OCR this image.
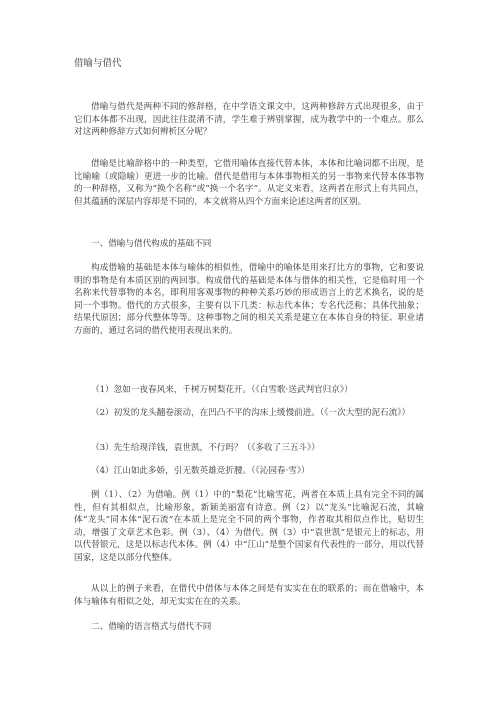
借喻与借代

借喻与借代是两种不同的修辞格，在中学语文课文中，这两种修辞方式出现很多，由于它们本体都不出现，因此往往混淆不清，学生难于辨别掌握，成为教学中的一个难点。那么对这两种修辞方式如何辨析区分呢？

借喻是比喻辞格中的一种类型，它借用喻体直接代替本体，本体和比喻词都不出现，是比喻喻（或隐喻）更进一步的比喻。借代是借用与本体事物相关的另一事物来代替本体事物的一种辞格，又称为“换个名称”或“换一个名字”。从定义来看，这两者在形式上有共同点，但其蕴涵的深层内容却是不同的，本文就将从四个方面来论述这两者的区别。

一、借喻与借代构成的基础不同

构成借喻的基础是本体与喻体的相似性，借喻中的喻体是用来打比方的事物，它和要说明的事物是有本质区别的两回事。构成借代的基础是本体与借体的相关性，它是临时用一个名称来代替事物的本名，即利用客观事物的种种关系巧妙的形成语言上的艺术换名，说的是同一个事物。借代的方式很多，主要有以下几类：标志代本体；专名代泛称；具体代抽象；结果代原因；部分代整体等等。这种事物之间的相关关系是建立在本体自身的特征、职业诸方面的，通过名词的借代使用表现出来的。

（1）忽如一夜春风来，千树万树梨花开。（《白雪歌·送武判官归京》）

（2）初发的龙头翻卷滚动，在凹凸不平的沟床上缓慢前进。（《一次大型的泥石流》）

（3）先生给现洋钱，袁世凯，不行吗？（《多收了三五斗》）

（4）江山如此多娇，引无数英雄竞折腰。（《沁园春·雪》）

例（1）、（2）为借喻。例（1）中的“梨花”比喻雪花，两者在本质上具有完全不同的属性，但有其相似点，比喻形象，新颖美丽富有诗意。例（2）以“龙头”比喻泥石流，其喻体“龙头”同本体“泥石流”在本质上是完全不同的两个事物，作者取其相似点作比，贴切生动，增强了文章艺术色彩。例（3）、（4）为借代。例（3）中“袁世凯”是银元上的标志，用以代替银元，这是以标志代本体。例（4）中“江山”是整个国家有代表性的一部分，用以代替国家，这是以部分代整体。

从以上的例子来看，在借代中借体与本体之间是有实实在在的联系的；而在借喻中，本体与喻体有相似之处，却无实实在在的关系。

二、借喻的语言格式与借代不同
